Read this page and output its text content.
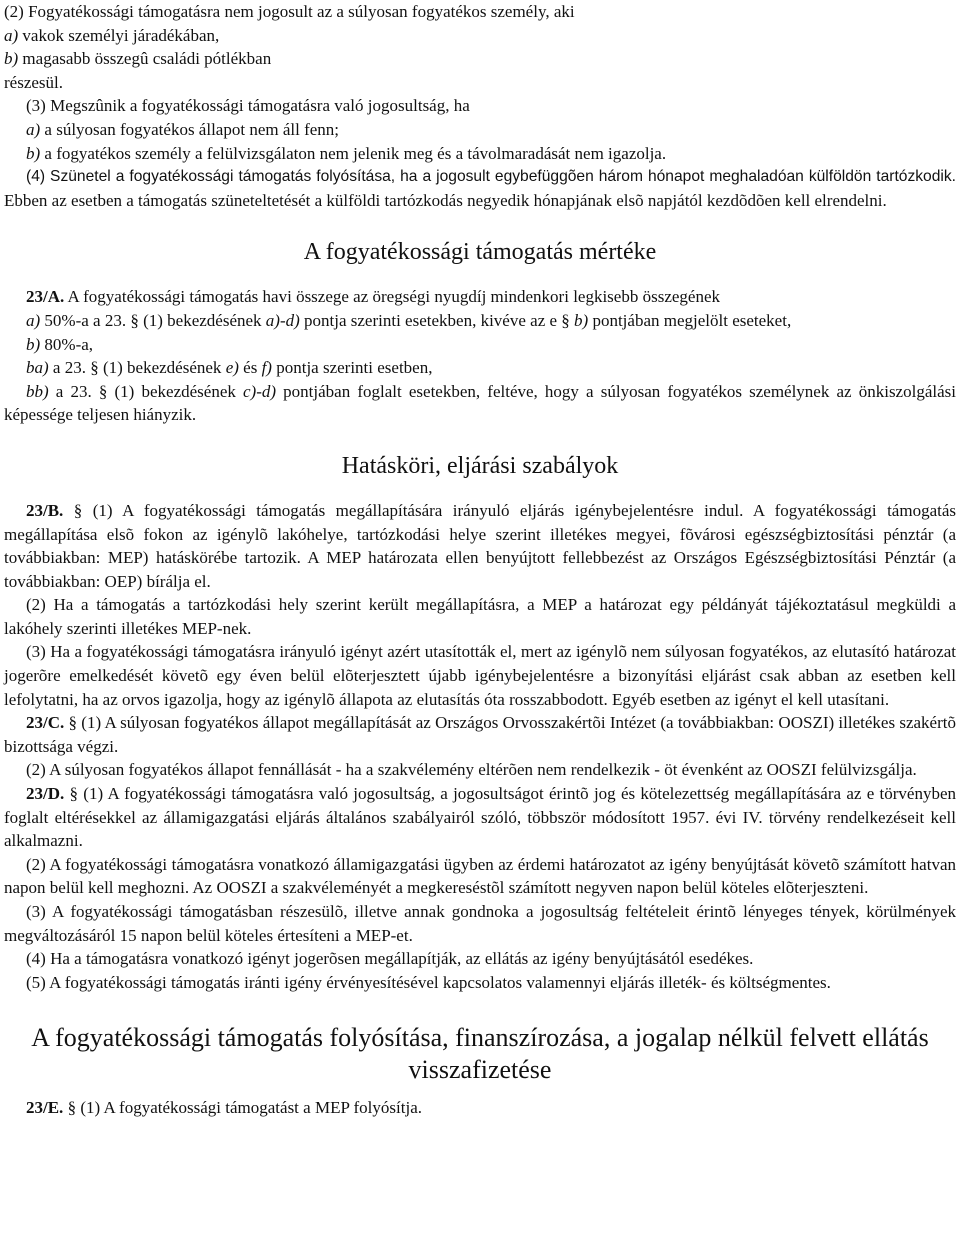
(2) Fogyatékossági támogatásra nem jogosult az a súlyosan fogyatékos személy, aki

a) vakok személyi járadékában,

b) magasabb összegû családi pótlékban

részesül.

(3) Megszûnik a fogyatékossági támogatásra való jogosultság, ha

a) a súlyosan fogyatékos állapot nem áll fenn;

b) a fogyatékos személy a felülvizsgálaton nem jelenik meg és a távolmaradását nem igazolja.

(4) Szünetel a fogyatékossági támogatás folyósítása, ha a jogosult egybefüggõen három hónapot meghaladóan külföldön tartózkodik. Ebben az esetben a támogatás szüneteltetését a külföldi tartózkodás negyedik hónapjának elsõ napjától kezdõdõen kell elrendelni.

A fogyatékossági támogatás mértéke

23/A. A fogyatékossági támogatás havi összege az öregségi nyugdíj mindenkori legkisebb összegének

a) 50%-a a 23. § (1) bekezdésének a)-d) pontja szerinti esetekben, kivéve az e § b) pontjában megjelölt eseteket,

b) 80%-a,

ba) a 23. § (1) bekezdésének e) és f) pontja szerinti esetben,

bb) a 23. § (1) bekezdésének c)-d) pontjában foglalt esetekben, feltéve, hogy a súlyosan fogyatékos személynek az önkiszolgálási képessége teljesen hiányzik.

Hatásköri, eljárási szabályok

23/B. § (1) A fogyatékossági támogatás megállapítására irányuló eljárás igénybejelentésre indul. A fogyatékossági támogatás megállapítása elsõ fokon az igénylõ lakóhelye, tartózkodási helye szerint illetékes megyei, fõvárosi egészségbiztosítási pénztár (a továbbiakban: MEP) hatáskörébe tartozik. A MEP határozata ellen benyújtott fellebbezést az Országos Egészségbiztosítási Pénztár (a továbbiakban: OEP) bírálja el.

(2) Ha a támogatás a tartózkodási hely szerint került megállapításra, a MEP a határozat egy példányát tájékoztatásul megküldi a lakóhely szerinti illetékes MEP-nek.

(3) Ha a fogyatékossági támogatásra irányuló igényt azért utasították el, mert az igénylõ nem súlyosan fogyatékos, az elutasító határozat jogerõre emelkedését követõ egy éven belül elõterjesztett újabb igénybejelentésre a bizonyítási eljárást csak abban az esetben kell lefolytatni, ha az orvos igazolja, hogy az igénylõ állapota az elutasítás óta rosszabbodott. Egyéb esetben az igényt el kell utasítani.

23/C. § (1) A súlyosan fogyatékos állapot megállapítását az Országos Orvosszakértõi Intézet (a továbbiakban: OOSZI) illetékes szakértõ bizottsága végzi.

(2) A súlyosan fogyatékos állapot fennállását - ha a szakvélemény eltérõen nem rendelkezik - öt évenként az OOSZI felülvizsgálja.

23/D. § (1) A fogyatékossági támogatásra való jogosultság, a jogosultságot érintõ jog és kötelezettség megállapítására az e törvényben foglalt eltérésekkel az államigazgatási eljárás általános szabályairól szóló, többször módosított 1957. évi IV. törvény rendelkezéseit kell alkalmazni.

(2) A fogyatékossági támogatásra vonatkozó államigazgatási ügyben az érdemi határozatot az igény benyújtását követõ számított hatvan napon belül kell meghozni. Az OOSZI a szakvéleményét a megkereséstõl számított negyven napon belül köteles elõterjeszteni.

(3) A fogyatékossági támogatásban részesülõ, illetve annak gondnoka a jogosultság feltételeit érintõ lényeges tények, körülmények megváltozásáról 15 napon belül köteles értesíteni a MEP-et.

(4) Ha a támogatásra vonatkozó igényt jogerõsen megállapítják, az ellátás az igény benyújtásától esedékes.

(5) A fogyatékossági támogatás iránti igény érvényesítésével kapcsolatos valamennyi eljárás illeték- és költségmentes.

A fogyatékossági támogatás folyósítása, finanszírozása, a jogalap nélkül felvett ellátás visszafizetése

23/E. § (1) A fogyatékossági támogatást a MEP folyósítja.
